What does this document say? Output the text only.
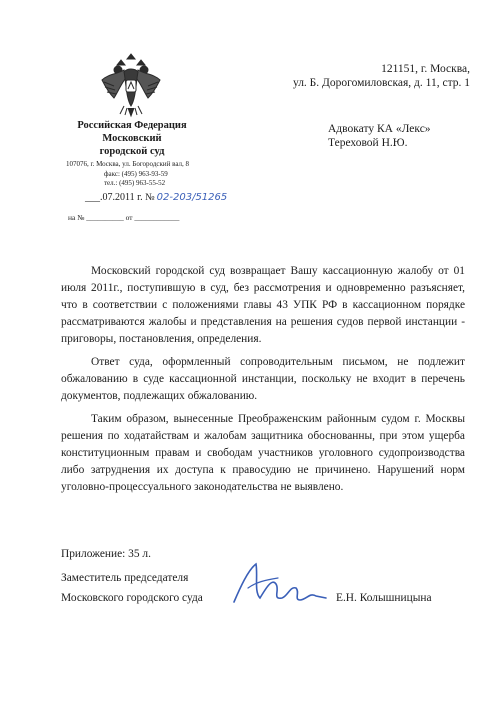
Российская Федерация
Московский
городской суд
107076, г. Москва, ул. Богородский вал, 8
факс: (495) 963-93-59
тел.: (495) 963-55-52
___.07.2011 г. № 02-203/51265
на № __________ от ____________
121151, г. Москва,
ул. Б. Дорогомиловская, д. 11, стр. 1
Адвокату КА «Лекс»
Тереховой Н.Ю.

Московский городской суд возвращает Вашу кассационную жалобу от 01 июля 2011г., поступившую в суд, без рассмотрения и одновременно разъясняет, что в соответствии с положениями главы 43 УПК РФ в кассационном порядке рассматриваются жалобы и представления на решения судов первой инстанции - приговоры, постановления, определения.

Ответ суда, оформленный сопроводительным письмом, не подлежит обжалованию в суде кассационной инстанции, поскольку не входит в перечень документов, подлежащих обжалованию.

Таким образом, вынесенные Преображенским районным судом г. Москвы решения по ходатайствам и жалобам защитника обоснованны, при этом ущерба конституционным правам и свободам участников уголовного судопроизводства либо затруднения их доступа к правосудию не причинено. Нарушений норм уголовно-процессуального законодательства не выявлено.

Приложение: 35 л.
Заместитель председателя
Московского городского суда	Е.Н. Колышницына
